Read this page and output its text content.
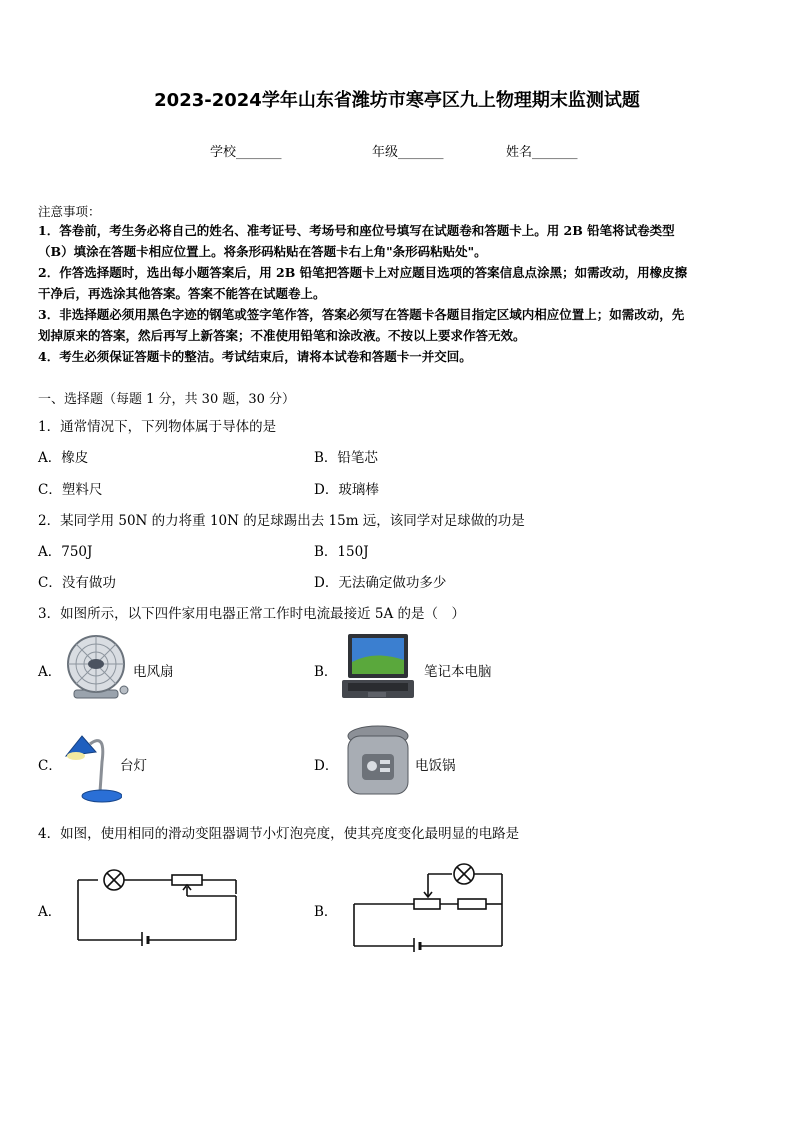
2023-2024学年山东省潍坊市寒亭区九上物理期末监测试题
学校_______	年级_______	姓名_______
注意事项：
1．答卷前，考生务必将自己的姓名、准考证号、考场号和座位号填写在试题卷和答题卡上。用 2B 铅笔将试卷类型
（B）填涂在答题卡相应位置上。将条形码粘贴在答题卡右上角"条形码粘贴处"。
2．作答选择题时，选出每小题答案后，用 2B 铅笔把答题卡上对应题目选项的答案信息点涂黑；如需改动，用橡皮擦
干净后，再选涂其他答案。答案不能答在试题卷上。
3．非选择题必须用黑色字迹的钢笔或签字笔作答，答案必须写在答题卡各题目指定区域内相应位置上；如需改动，先
划掉原来的答案，然后再写上新答案；不准使用铅笔和涂改液。不按以上要求作答无效。
4．考生必须保证答题卡的整洁。考试结束后，请将本试卷和答题卡一并交回。
一、选择题（每题 1 分，共 30 题，30 分）
1．通常情况下，下列物体属于导体的是
A．橡皮	B．铅笔芯
C．塑料尺	D．玻璃棒
2．某同学用 50N 的力将重 10N 的足球踢出去 15m 远，该同学对足球做的功是
A．750J	B．150J
C．没有做功	D．无法确定做功多少
3．如图所示，以下四件家用电器正常工作时电流最接近 5A 的是（　）
A．	电风扇	B．	笔记本电脑
C．	台灯	D．	电饭锅
4．如图，使用相同的滑动变阻器调节小灯泡亮度，使其亮度变化最明显的电路是
A．	B．
